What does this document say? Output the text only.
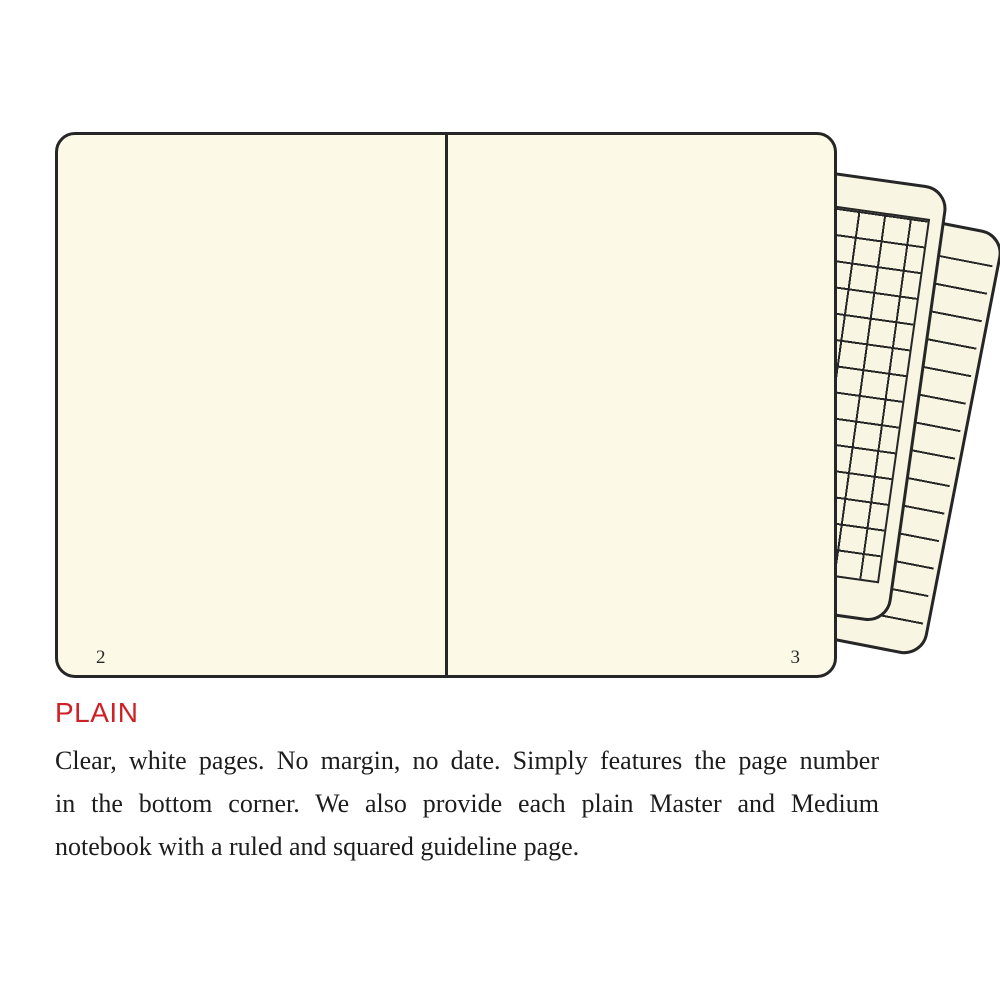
2	3
PLAIN
Clear, white pages. No margin, no date. Simply features the page number
in the bottom corner. We also provide each plain Master and Medium
notebook with a ruled and squared guideline page.
